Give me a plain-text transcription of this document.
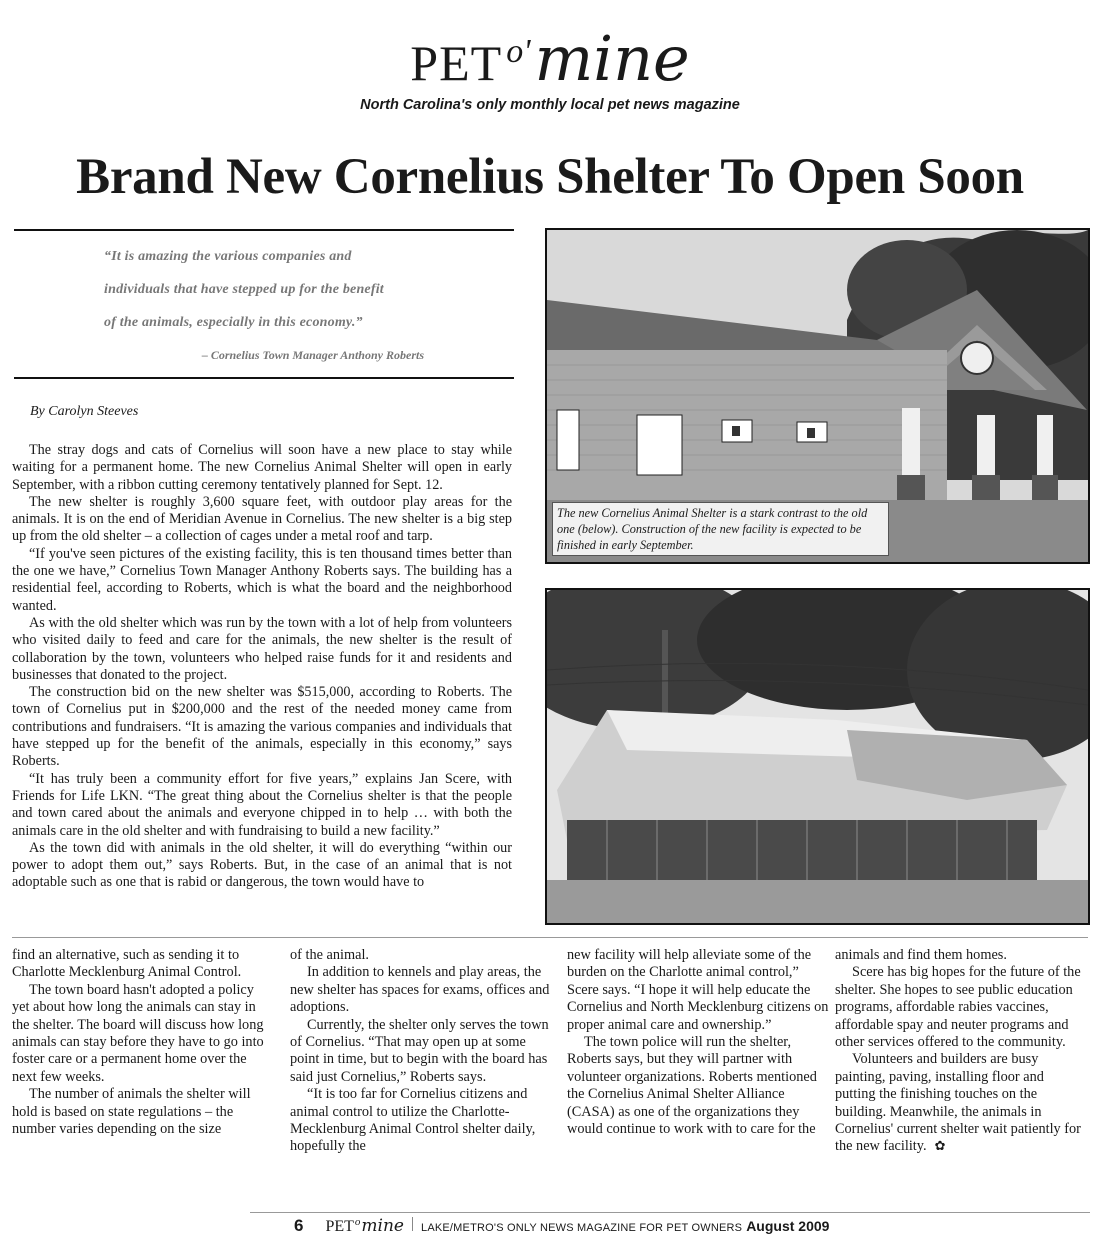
PET o'mine
North Carolina's only monthly local pet news magazine
Brand New Cornelius Shelter To Open Soon
“It is amazing the various companies and
individuals that have stepped up for the benefit
of the animals, especially in this economy.”
– Cornelius Town Manager Anthony Roberts
By Carolyn Steeves

The stray dogs and cats of Cornelius will soon have a new place to stay while waiting for a permanent home. The new Cornelius Animal Shelter will open in early September, with a ribbon cutting ceremony tentatively planned for Sept. 12.

The new shelter is roughly 3,600 square feet, with outdoor play areas for the animals. It is on the end of Meridian Avenue in Cornelius. The new shelter is a big step up from the old shelter – a collection of cages under a metal roof and tarp.

“If you've seen pictures of the existing facility, this is ten thousand times better than the one we have,” Cornelius Town Manager Anthony Roberts says. The building has a residential feel, according to Roberts, which is what the board and the neighborhood wanted.

As with the old shelter which was run by the town with a lot of help from volunteers who visited daily to feed and care for the animals, the new shelter is the result of collaboration by the town, volunteers who helped raise funds for it and residents and businesses that donated to the project.

The construction bid on the new shelter was $515,000, according to Roberts. The town of Cornelius put in $200,000 and the rest of the needed money came from contributions and fundraisers. “It is amazing the various companies and individuals that have stepped up for the benefit of the animals, especially in this economy,” says Roberts.

“It has truly been a community effort for five years,” explains Jan Scere, with Friends for Life LKN. “The great thing about the Cornelius shelter is that the people and town cared about the animals and everyone chipped in to help … with both the animals care in the old shelter and with fundraising to build a new facility.”

As the town did with animals in the old shelter, it will do everything “within our power to adopt them out,” says Roberts. But, in the case of an animal that is not adoptable such as one that is rabid or dangerous, the town would have to

The new Cornelius Animal Shelter is a stark contrast to the old one (below). Construction of the new facility is expected to be finished in early September.

find an alternative, such as sending it to Charlotte Mecklenburg Animal Control.

The town board hasn't adopted a policy yet about how long the animals can stay in the shelter. The board will discuss how long animals can stay before they have to go into foster care or a permanent home over the next few weeks.

The number of animals the shelter will hold is based on state regulations – the number varies depending on the size

of the animal.

In addition to kennels and play areas, the new shelter has spaces for exams, offices and adoptions.

Currently, the shelter only serves the town of Cornelius. “That may open up at some point in time, but to begin with the board has said just Cornelius,” Roberts says.

“It is too far for Cornelius citizens and animal control to utilize the Charlotte-Mecklenburg Animal Control shelter daily, hopefully the

new facility will help alleviate some of the burden on the Charlotte animal control,” Scere says. “I hope it will help educate the Cornelius and North Mecklenburg citizens on proper animal care and ownership.”

The town police will run the shelter, Roberts says, but they will partner with volunteer organizations. Roberts mentioned the Cornelius Animal Shelter Alliance (CASA) as one of the organizations they would continue to work with to care for the

animals and find them homes.

Scere has big hopes for the future of the shelter. She hopes to see public education programs, affordable rabies vaccines, affordable spay and neuter programs and other services offered to the community.

Volunteers and builders are busy painting, paving, installing floor and putting the finishing touches on the building. Meanwhile, the animals in Cornelius' current shelter wait patiently for the new facility. ✿

6 PET o mine LAKE/METRO'S ONLY NEWS MAGAZINE FOR PET OWNERS August 2009
